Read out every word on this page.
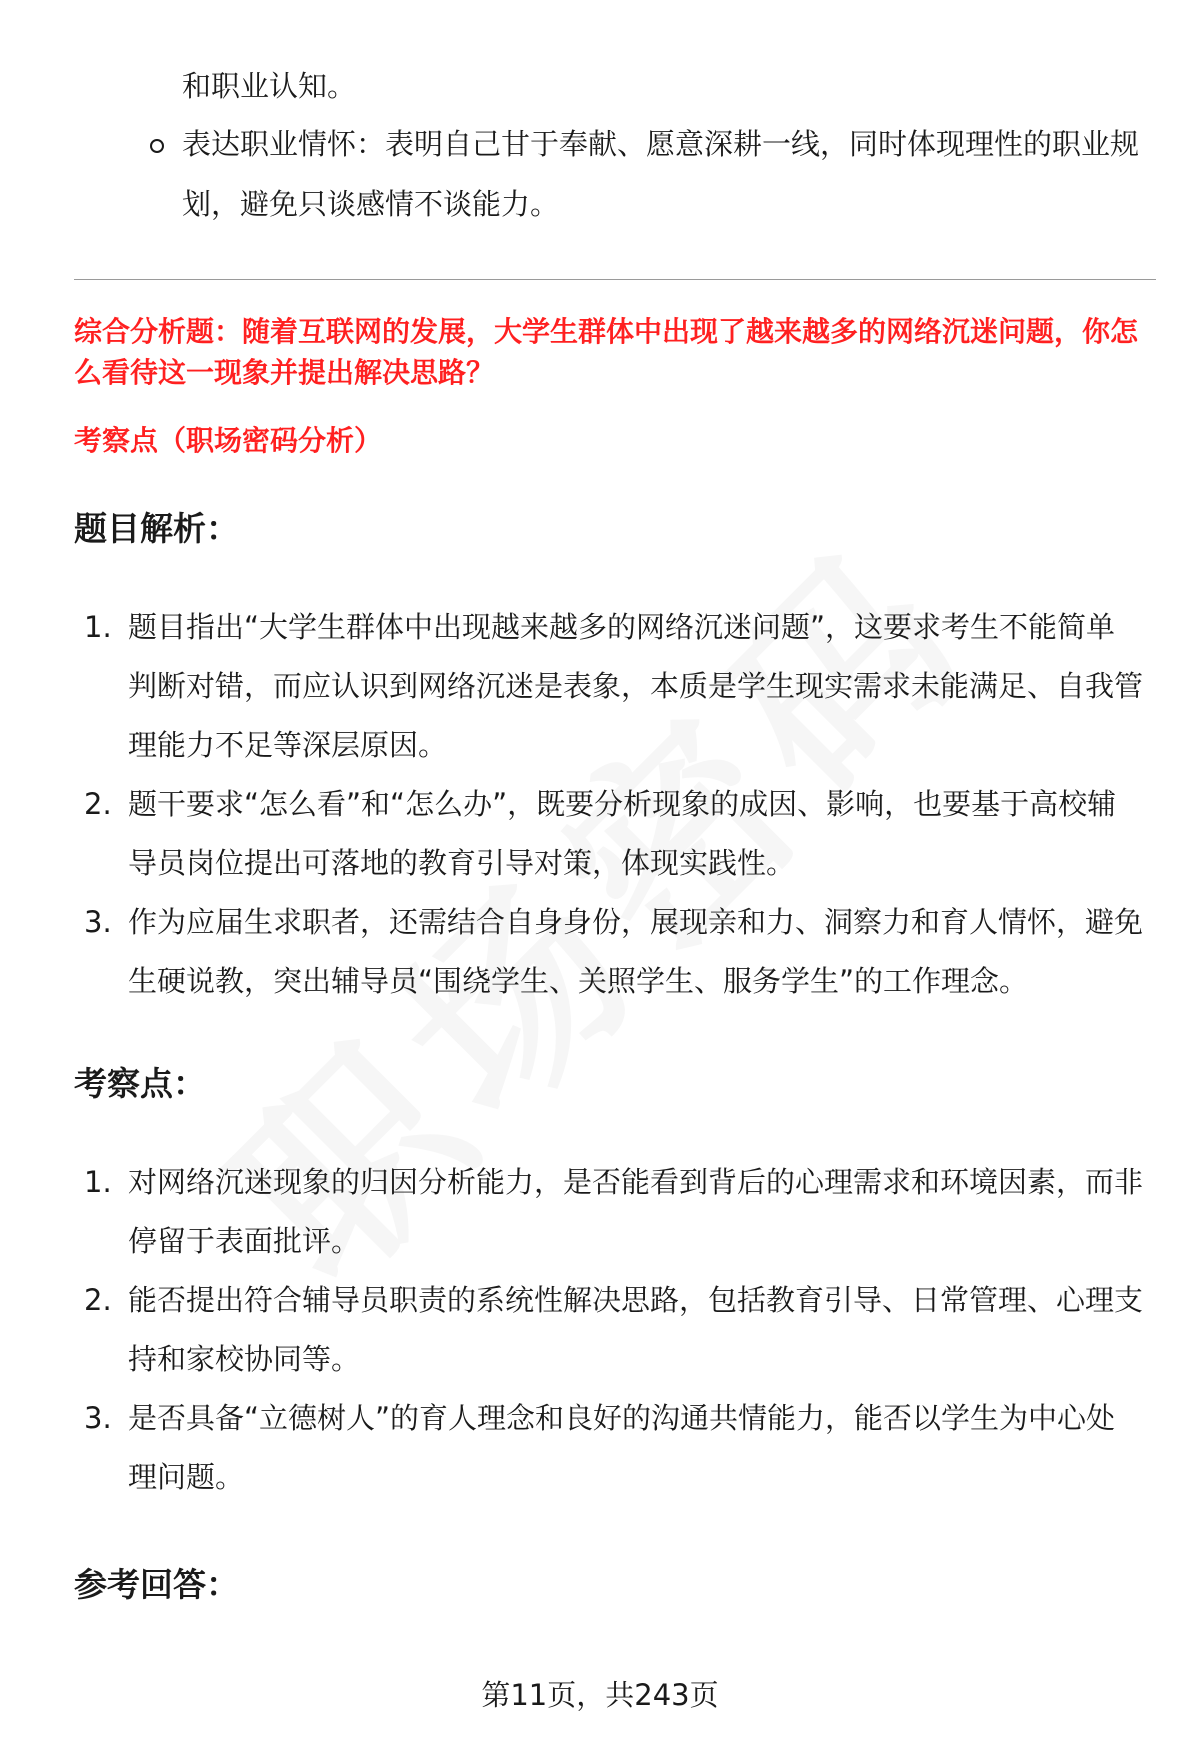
和职业认知。

表达职业情怀：表明自己甘于奉献、愿意深耕一线，同时体现理性的职业规划，避免只谈感情不谈能力。
综合分析题：随着互联网的发展，大学生群体中出现了越来越多的网络沉迷问题，你怎么看待这一现象并提出解决思路？
考察点（职场密码分析）
题目解析：
1. 题目指出“大学生群体中出现越来越多的网络沉迷问题”，这要求考生不能简单判断对错，而应认识到网络沉迷是表象，本质是学生现实需求未能满足、自我管理能力不足等深层原因。
2. 题干要求“怎么看”和“怎么办”，既要分析现象的成因、影响，也要基于高校辅导员岗位提出可落地的教育引导对策，体现实践性。
3. 作为应届生求职者，还需结合自身身份，展现亲和力、洞察力和育人情怀，避免生硬说教，突出辅导员“围绕学生、关照学生、服务学生”的工作理念。
考察点：
1. 对网络沉迷现象的归因分析能力，是否能看到背后的心理需求和环境因素，而非停留于表面批评。
2. 能否提出符合辅导员职责的系统性解决思路，包括教育引导、日常管理、心理支持和家校协同等。
3. 是否具备“立德树人”的育人理念和良好的沟通共情能力，能否以学生为中心处理问题。
参考回答：
第11页，共243页
